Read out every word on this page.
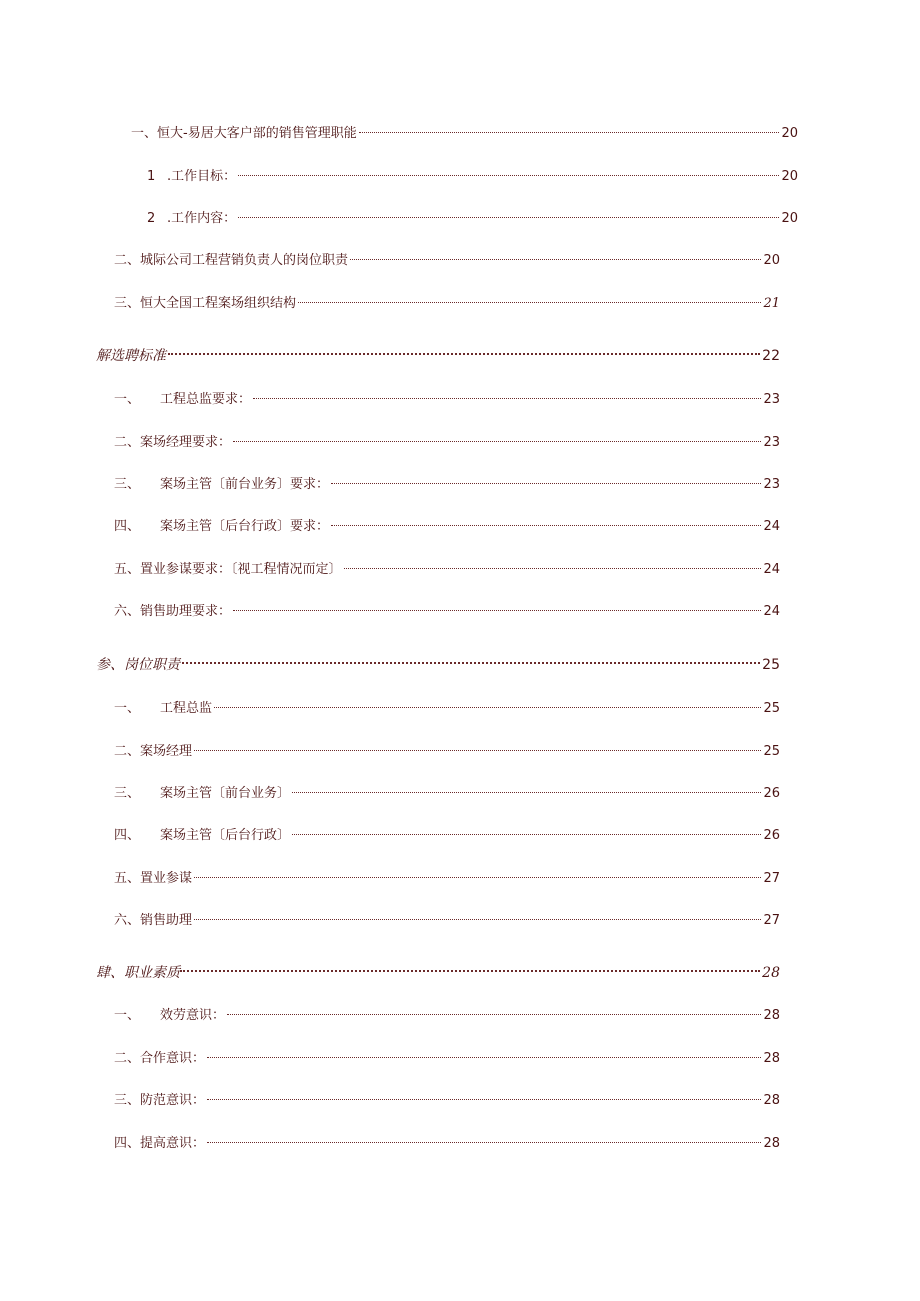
一、恒大-易居大客户部的销售管理职能	20
1 .工作目标：	20
2 .工作内容：	20
二、城际公司工程营销负责人的岗位职责	20
三、恒大全国工程案场组织结构	21
解选聘标准	22
一、 工程总监要求：	23
二、案场经理要求：	23
三、 案场主管〔前台业务〕要求：	23
四、 案场主管〔后台行政〕要求：	24
五、置业参谋要求：〔视工程情况而定〕	24
六、销售助理要求：	24
参、岗位职责	25
一、 工程总监	25
二、案场经理	25
三、 案场主管〔前台业务〕	26
四、 案场主管〔后台行政〕	26
五、置业参谋	27
六、销售助理	27
肆、职业素质	28
一、 效劳意识：	28
二、合作意识：	28
三、防范意识：	28
四、提高意识：	28
